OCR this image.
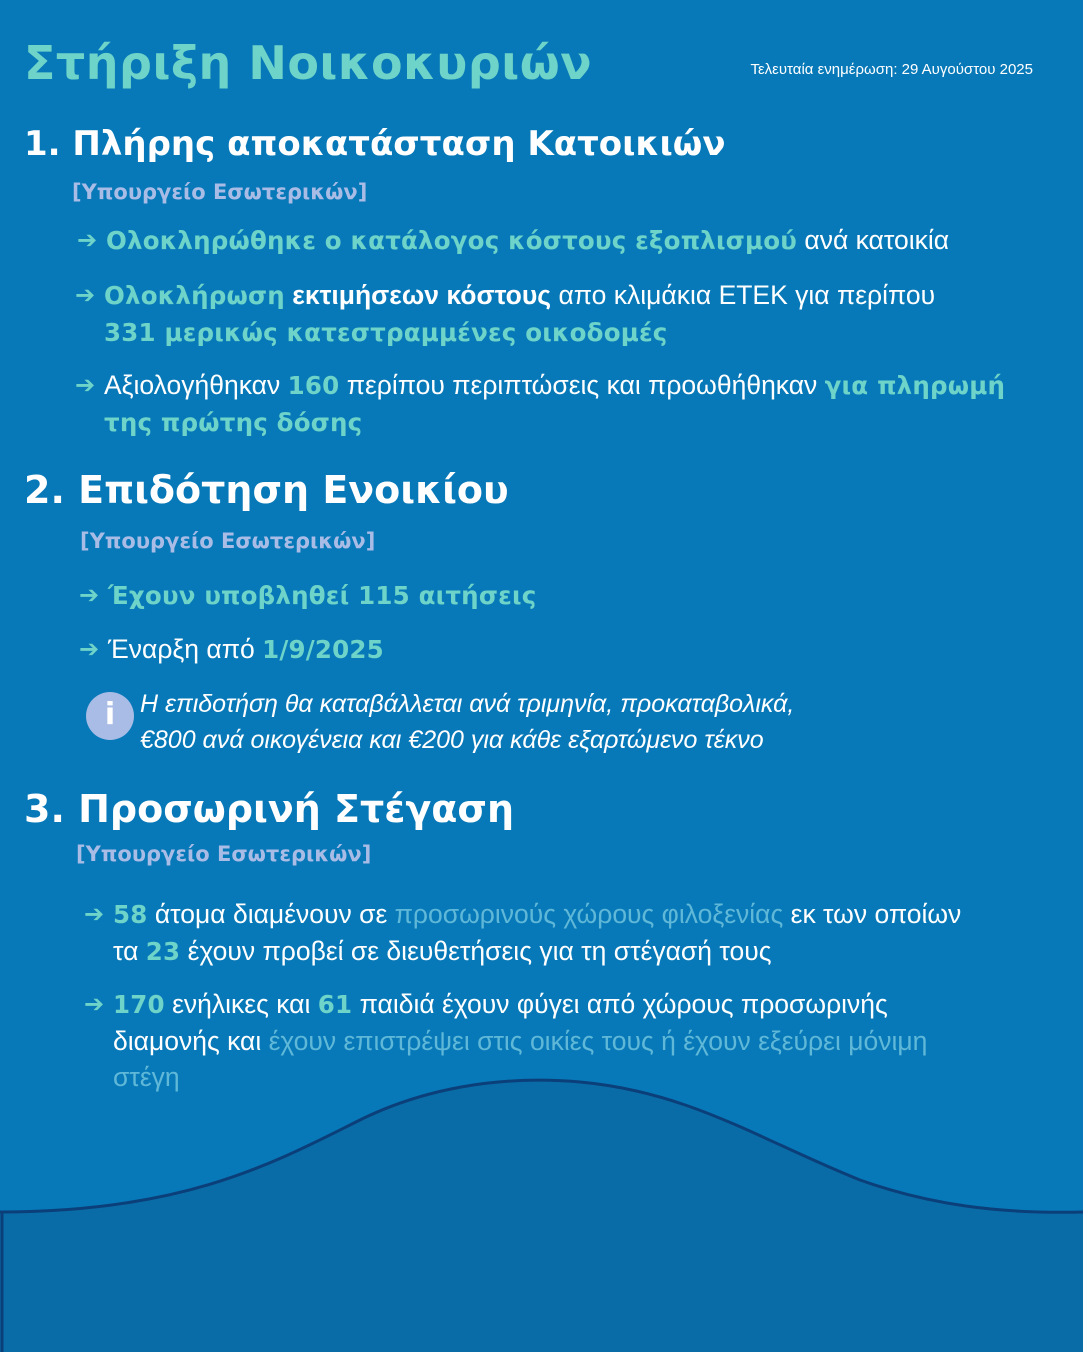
Στήριξη Νοικοκυριών	Τελευταία ενημέρωση: 29 Αυγούστου 2025
1. Πλήρης αποκατάσταση Κατοικιών
[Υπουργείο Εσωτερικών]
➔ Ολοκληρώθηκε ο κατάλογος κόστους εξοπλισμού ανά κατοικία
➔ Ολοκλήρωση εκτιμήσεων κόστους απο κλιμάκια ΕΤΕΚ για περίπου
331 μερικώς κατεστραμμένες οικοδομές
➔ Αξιολογήθηκαν 160 περίπου περιπτώσεις και προωθήθηκαν για πληρωμή
της πρώτης δόσης
2. Επιδότηση Ενοικίου
[Υπουργείο Εσωτερικών]
➔ Έχουν υποβληθεί 115 αιτήσεις
➔ Έναρξη από 1/9/2025
i Η επιδοτήση θα καταβάλλεται ανά τριμηνία, προκαταβολικά,
€800 ανά οικογένεια και €200 για κάθε εξαρτώμενο τέκνο
3. Προσωρινή Στέγαση
[Υπουργείο Εσωτερικών]
➔ 58 άτομα διαμένουν σε προσωρινούς χώρους φιλοξενίας εκ των οποίων
τα 23 έχουν προβεί σε διευθετήσεις για τη στέγασή τους
➔ 170 ενήλικες και 61 παιδιά έχουν φύγει από χώρους προσωρινής
διαμονής και έχουν επιστρέψει στις οικίες τους ή έχουν εξεύρει μόνιμη
στέγη
